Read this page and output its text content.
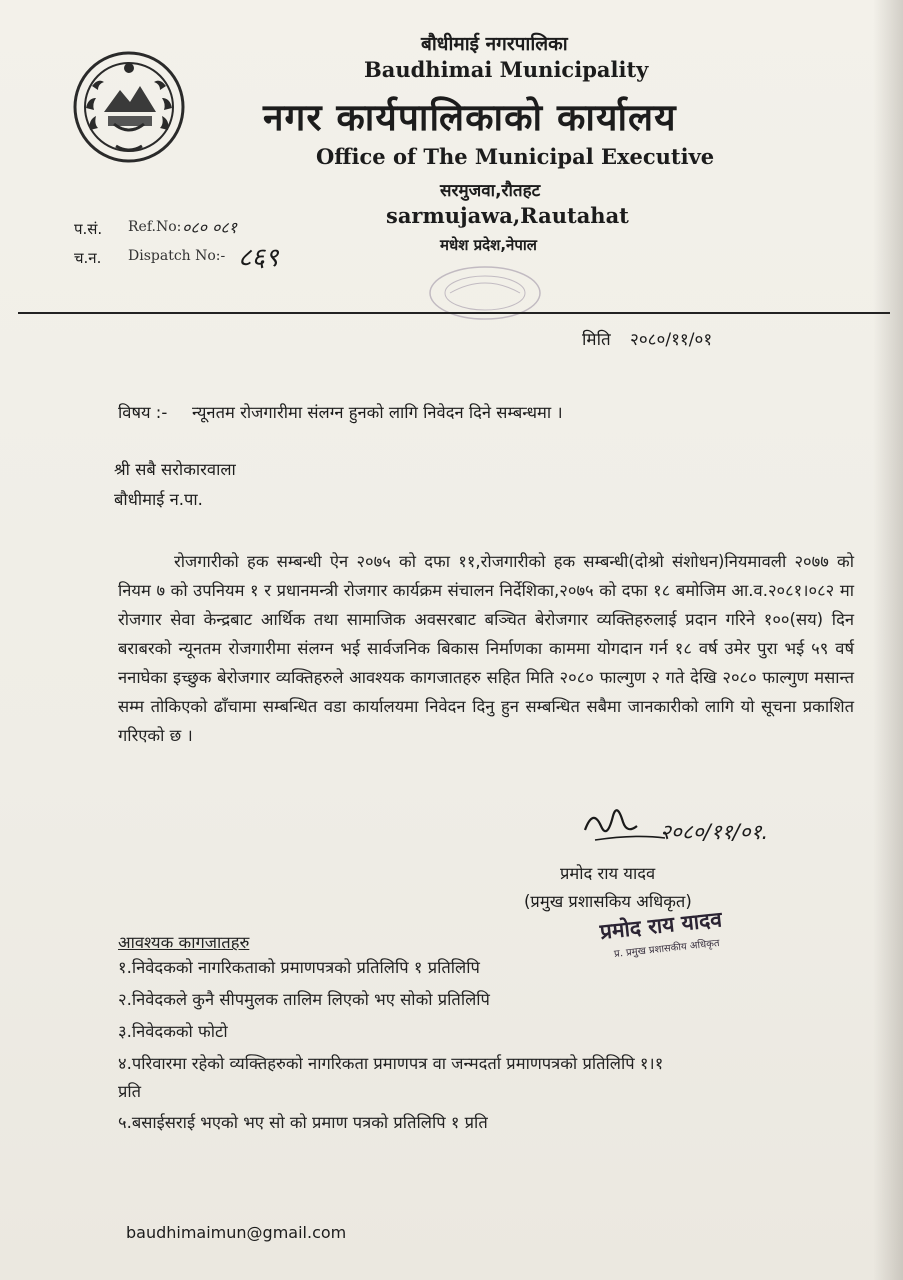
बौधीमाई नगरपालिका
Baudhimai Municipality
नगर कार्यपालिकाको कार्यालय
Office of The Municipal Executive
सरमुजवा,रौतहट
sarmujawa,Rautahat
मधेश प्रदेश,नेपाल
प.सं. Ref.No: ०८० ०८१
च.न. Dispatch No:- ८६९
मिति २०८०/११/०१
विषय :- न्यूनतम रोजगारीमा संलग्न हुनको लागि निवेदन दिने सम्बन्धमा ।
श्री सबै सरोकारवाला
बौधीमाई न.पा.
रोजगारीको हक सम्बन्धी ऐन २०७५ को दफा ११,रोजगारीको हक सम्बन्धी(दोश्रो संशोधन)नियमावली २०७७ को नियम ७ को उपनियम १ र प्रधानमन्त्री रोजगार कार्यक्रम संचालन निर्देशिका,२०७५ को दफा १८ बमोजिम आ.व.२०८१।०८२ मा रोजगार सेवा केन्द्रबाट आर्थिक तथा सामाजिक अवसरबाट बञ्चित बेरोजगार व्यक्तिहरुलाई प्रदान गरिने १००(सय) दिन बराबरको न्यूनतम रोजगारीमा संलग्न भई सार्वजनिक बिकास निर्माणका काममा योगदान गर्न १८ वर्ष उमेर पुरा भई ५९ वर्ष ननाघेका इच्छुक बेरोजगार व्यक्तिहरुले आवश्यक कागजातहरु सहित मिति २०८० फाल्गुण २ गते देखि २०८० फाल्गुण मसान्त सम्म तोकिएको ढाँचामा सम्बन्धित वडा कार्यालयमा निवेदन दिनु हुन सम्बन्धित सबैमा जानकारीको लागि यो सूचना प्रकाशित गरिएको छ ।
२०८०/११/०१.
प्रमोद राय यादव
(प्रमुख प्रशासकिय अधिकृत)
प्रमोद राय यादव
प्र. प्रमुख प्रशासकीय अधिकृत
आवश्यक कागजातहरु
१.निवेदकको नागरिकताको प्रमाणपत्रको प्रतिलिपि १ प्रतिलिपि
२.निवेदकले कुनै सीपमुलक तालिम लिएको भए सोको प्रतिलिपि
३.निवेदकको फोटो
४.परिवारमा रहेको व्यक्तिहरुको नागरिकता प्रमाणपत्र वा जन्मदर्ता प्रमाणपत्रको प्रतिलिपि १।१
प्रति
५.बसाईसराई भएको भए सो को प्रमाण पत्रको प्रतिलिपि १ प्रति
baudhimaimun@gmail.com
